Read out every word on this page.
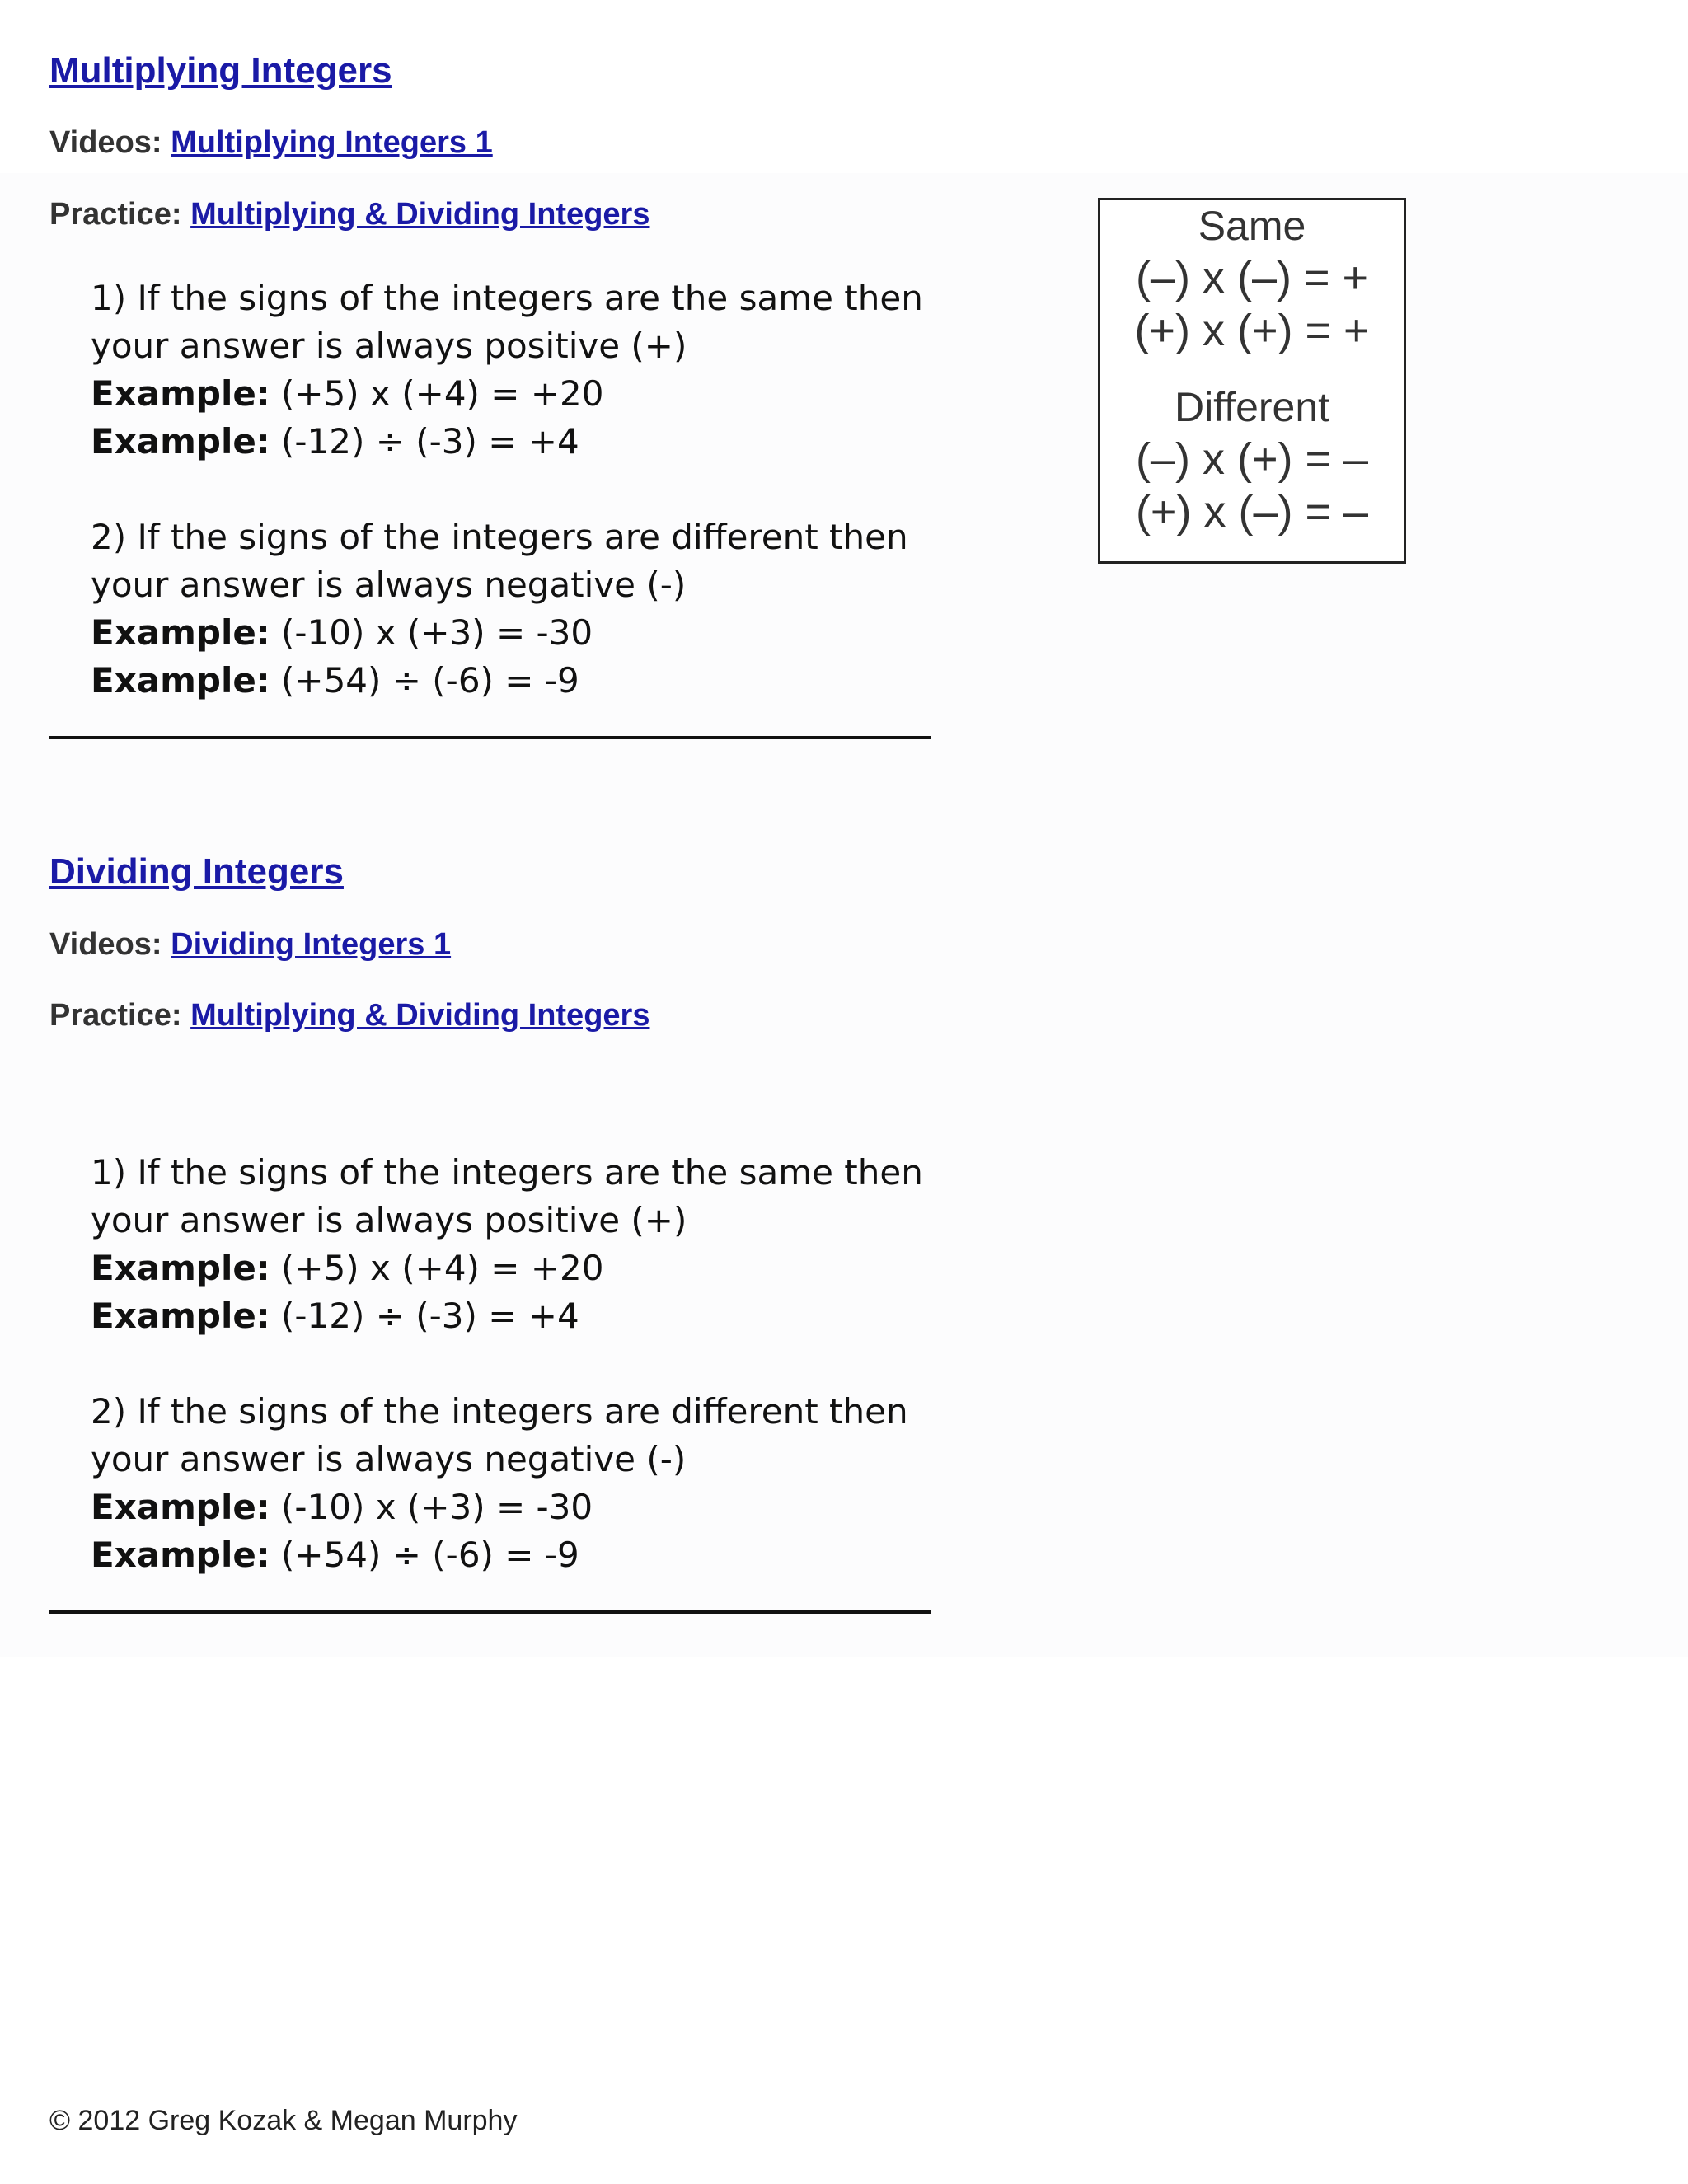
Multiplying Integers
Videos: Multiplying Integers 1
Practice: Multiplying & Dividing Integers
1) If the signs of the integers are the same then
your answer is always positive (+)
Example: (+5) x (+4) = +20
Example: (-12) ÷ (-3) = +4
2) If the signs of the integers are different then
your answer is always negative (-)
Example: (-10) x (+3) = -30
Example: (+54) ÷ (-6) = -9
Same
(–) x (–) = +
(+) x (+) = +
Different
(–) x (+) = –
(+) x (–) = –
Dividing Integers
Videos: Dividing Integers 1
Practice: Multiplying & Dividing Integers
1) If the signs of the integers are the same then
your answer is always positive (+)
Example: (+5) x (+4) = +20
Example: (-12) ÷ (-3) = +4
2) If the signs of the integers are different then
your answer is always negative (-)
Example: (-10) x (+3) = -30
Example: (+54) ÷ (-6) = -9
© 2012 Greg Kozak & Megan Murphy
